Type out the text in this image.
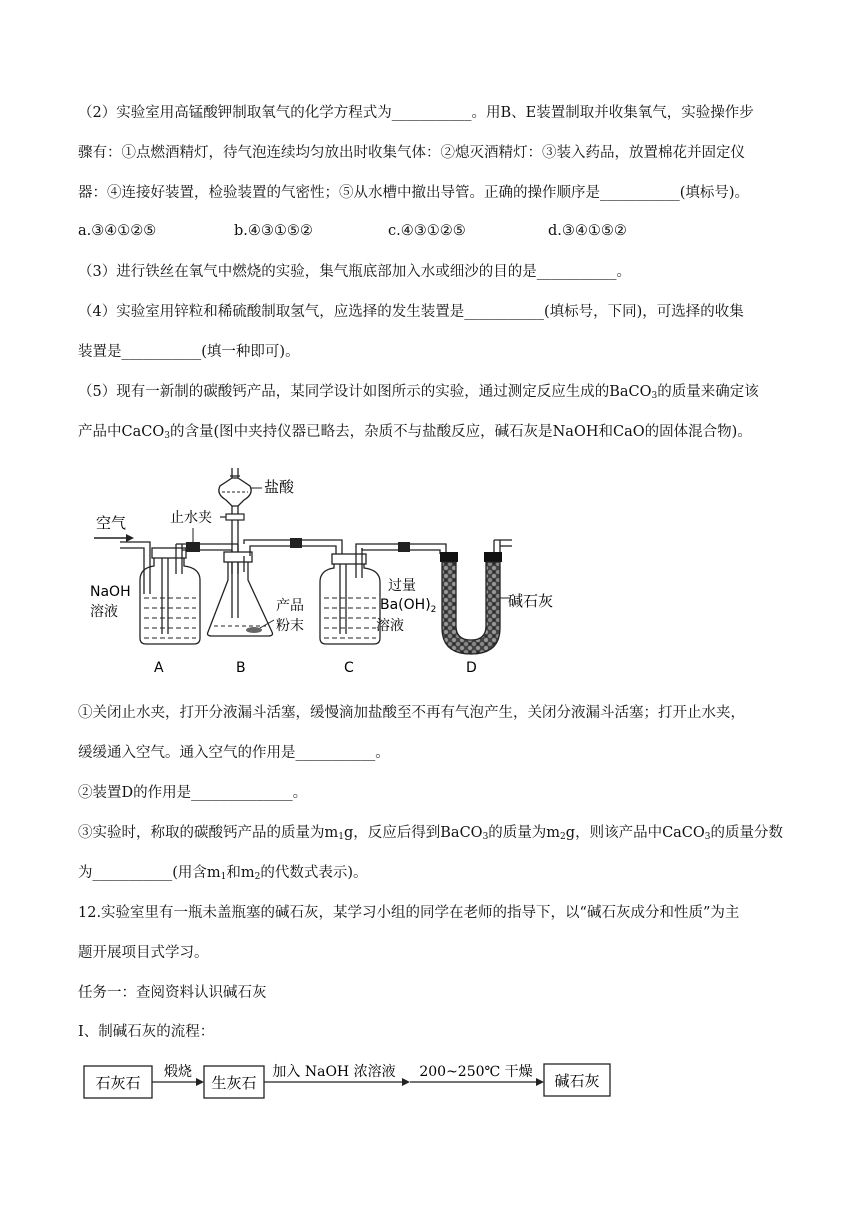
（2）实验室用高锰酸钾制取氧气的化学方程式为___________。用B、E装置制取并收集氧气，实验操作步
骤有：①点燃酒精灯，待气泡连续均匀放出时收集气体：②熄灭酒精灯：③装入药品，放置棉花并固定仪
器：④连接好装置，检验装置的气密性；⑤从水槽中撤出导管。正确的操作顺序是___________(填标号)。
a.③④①②⑤	b.④③①⑤②	c.④③①②⑤	d.③④①⑤②
（3）进行铁丝在氧气中燃烧的实验，集气瓶底部加入水或细沙的目的是___________。
（4）实验室用锌粒和稀硫酸制取氢气，应选择的发生装置是___________(填标号，下同)，可选择的收集
装置是___________(填一种即可)。
（5）现有一新制的碳酸钙产品，某同学设计如图所示的实验，通过测定反应生成的BaCO$_3$的质量来确定该
产品中CaCO$_3$的含量(图中夹持仪器已略去，杂质不与盐酸反应，碱石灰是NaOH和CaO的固体混合物)。
空气
NaOH
溶液
止水夹
盐酸
产品
粉末
过量
$Ba(OH)_2$
溶液
碱石灰
A	B	C	D
①关闭止水夹，打开分液漏斗活塞，缓慢滴加盐酸至不再有气泡产生，关闭分液漏斗活塞；打开止水夹，
缓缓通入空气。通入空气的作用是___________。
②装置D的作用是______________。
③实验时，称取的碳酸钙产品的质量为$m_1g$，反应后得到BaCO$_3$的质量为$m_2g$，则该产品中CaCO$_3$的质量分数
为___________(用含$m_1$和$m_2$的代数式表示)。
12.实验室里有一瓶未盖瓶塞的碱石灰，某学习小组的同学在老师的指导下，以“碱石灰成分和性质”为主
题开展项目式学习。
任务一：查阅资料认识碱石灰
Ⅰ、制碱石灰的流程：
石灰石
煅烧
生灰石
加入 NaOH 浓溶液 200~250℃ 干燥 碱石灰
